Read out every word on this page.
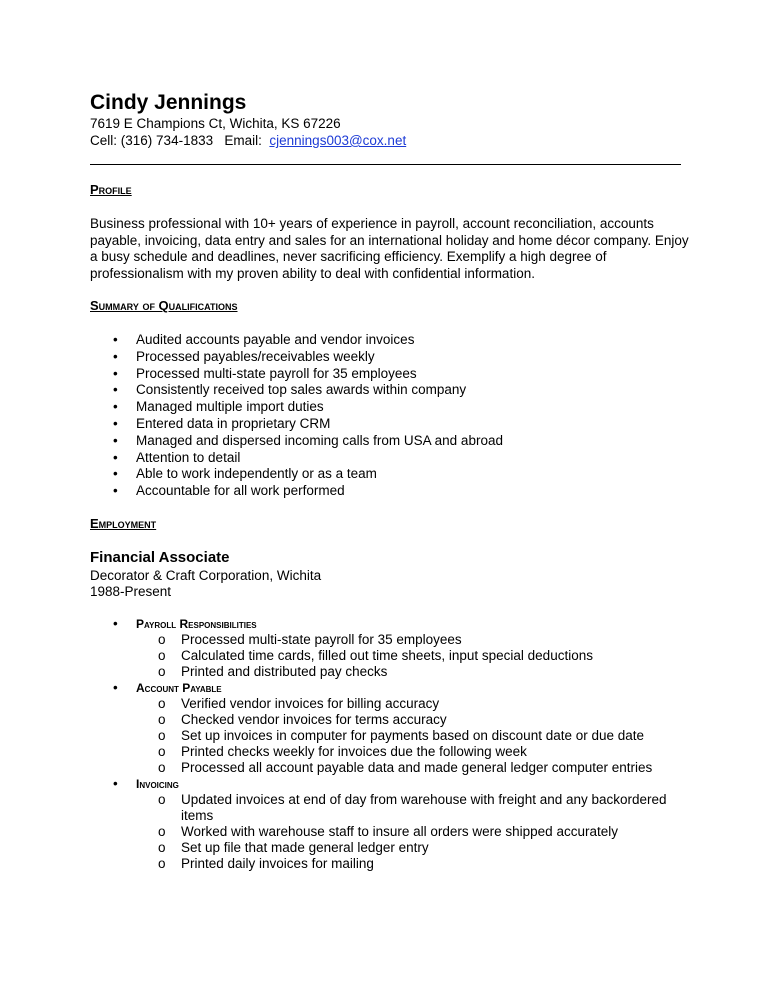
Cindy Jennings
7619 E Champions Ct, Wichita, KS 67226
Cell: (316) 734-1833 Email: cjennings003@cox.net
Profile
Business professional with 10+ years of experience in payroll, account reconciliation, accounts payable, invoicing, data entry and sales for an international holiday and home décor company. Enjoy a busy schedule and deadlines, never sacrificing efficiency. Exemplify a high degree of professionalism with my proven ability to deal with confidential information.
Summary of Qualifications
• Audited accounts payable and vendor invoices
• Processed payables/receivables weekly
• Processed multi-state payroll for 35 employees
• Consistently received top sales awards within company
• Managed multiple import duties
• Entered data in proprietary CRM
• Managed and dispersed incoming calls from USA and abroad
• Attention to detail
• Able to work independently or as a team
• Accountable for all work performed
Employment
Financial Associate
Decorator & Craft Corporation, Wichita
1988-Present
• Payroll Responsibilities
o Processed multi-state payroll for 35 employees
o Calculated time cards, filled out time sheets, input special deductions
o Printed and distributed pay checks
• Account Payable
o Verified vendor invoices for billing accuracy
o Checked vendor invoices for terms accuracy
o Set up invoices in computer for payments based on discount date or due date
o Printed checks weekly for invoices due the following week
o Processed all account payable data and made general ledger computer entries
• Invoicing
o Updated invoices at end of day from warehouse with freight and any backordered items
o Worked with warehouse staff to insure all orders were shipped accurately
o Set up file that made general ledger entry
o Printed daily invoices for mailing
